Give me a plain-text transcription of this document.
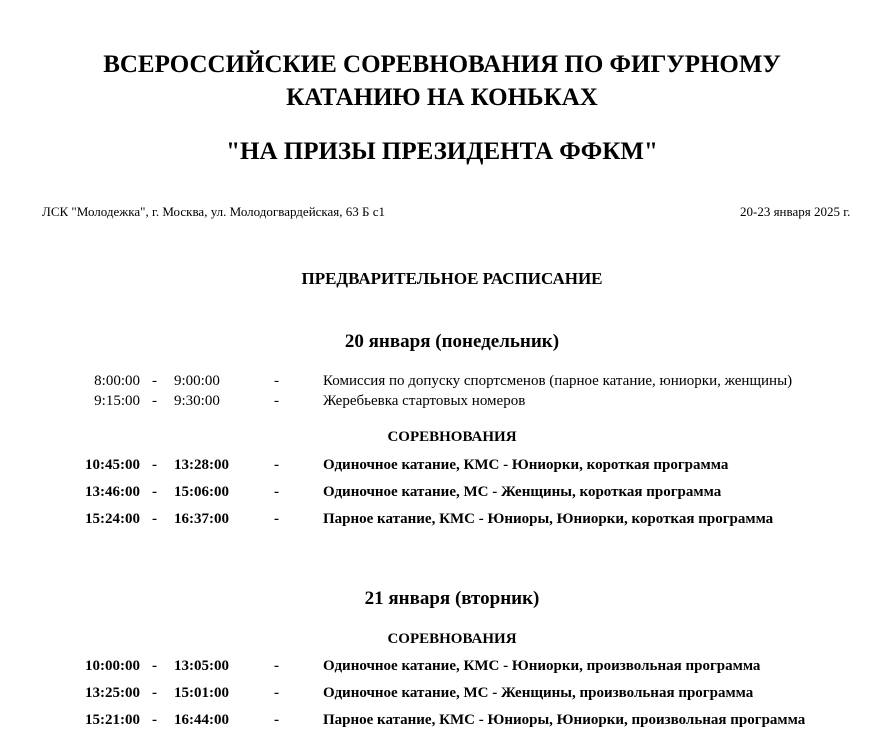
ВСЕРОССИЙСКИЕ СОРЕВНОВАНИЯ ПО ФИГУРНОМУ
КАТАНИЮ НА КОНЬКАХ
"НА ПРИЗЫ ПРЕЗИДЕНТА ФФКМ"
ЛСК "Молодежка", г. Москва, ул. Молодогвардейская, 63 Б с1	20-23 января 2025 г.
ПРЕДВАРИТЕЛЬНОЕ РАСПИСАНИЕ
20 января (понедельник)
8:00:00 - 9:00:00	-	Комиссия по допуску спортсменов (парное катание, юниорки, женщины)
9:15:00 - 9:30:00	-	Жеребьевка стартовых номеров
СОРЕВНОВАНИЯ
10:45:00 - 13:28:00	-	Одиночное катание, КМС - Юниорки, короткая программа
13:46:00 - 15:06:00	-	Одиночное катание, МС - Женщины, короткая программа
15:24:00 - 16:37:00	-	Парное катание, КМС - Юниоры, Юниорки, короткая программа
21 января (вторник)
СОРЕВНОВАНИЯ
10:00:00 - 13:05:00	-	Одиночное катание, КМС - Юниорки, произвольная программа
13:25:00 - 15:01:00	-	Одиночное катание, МС - Женщины, произвольная программа
15:21:00 - 16:44:00	-	Парное катание, КМС - Юниоры, Юниорки, произвольная программа
